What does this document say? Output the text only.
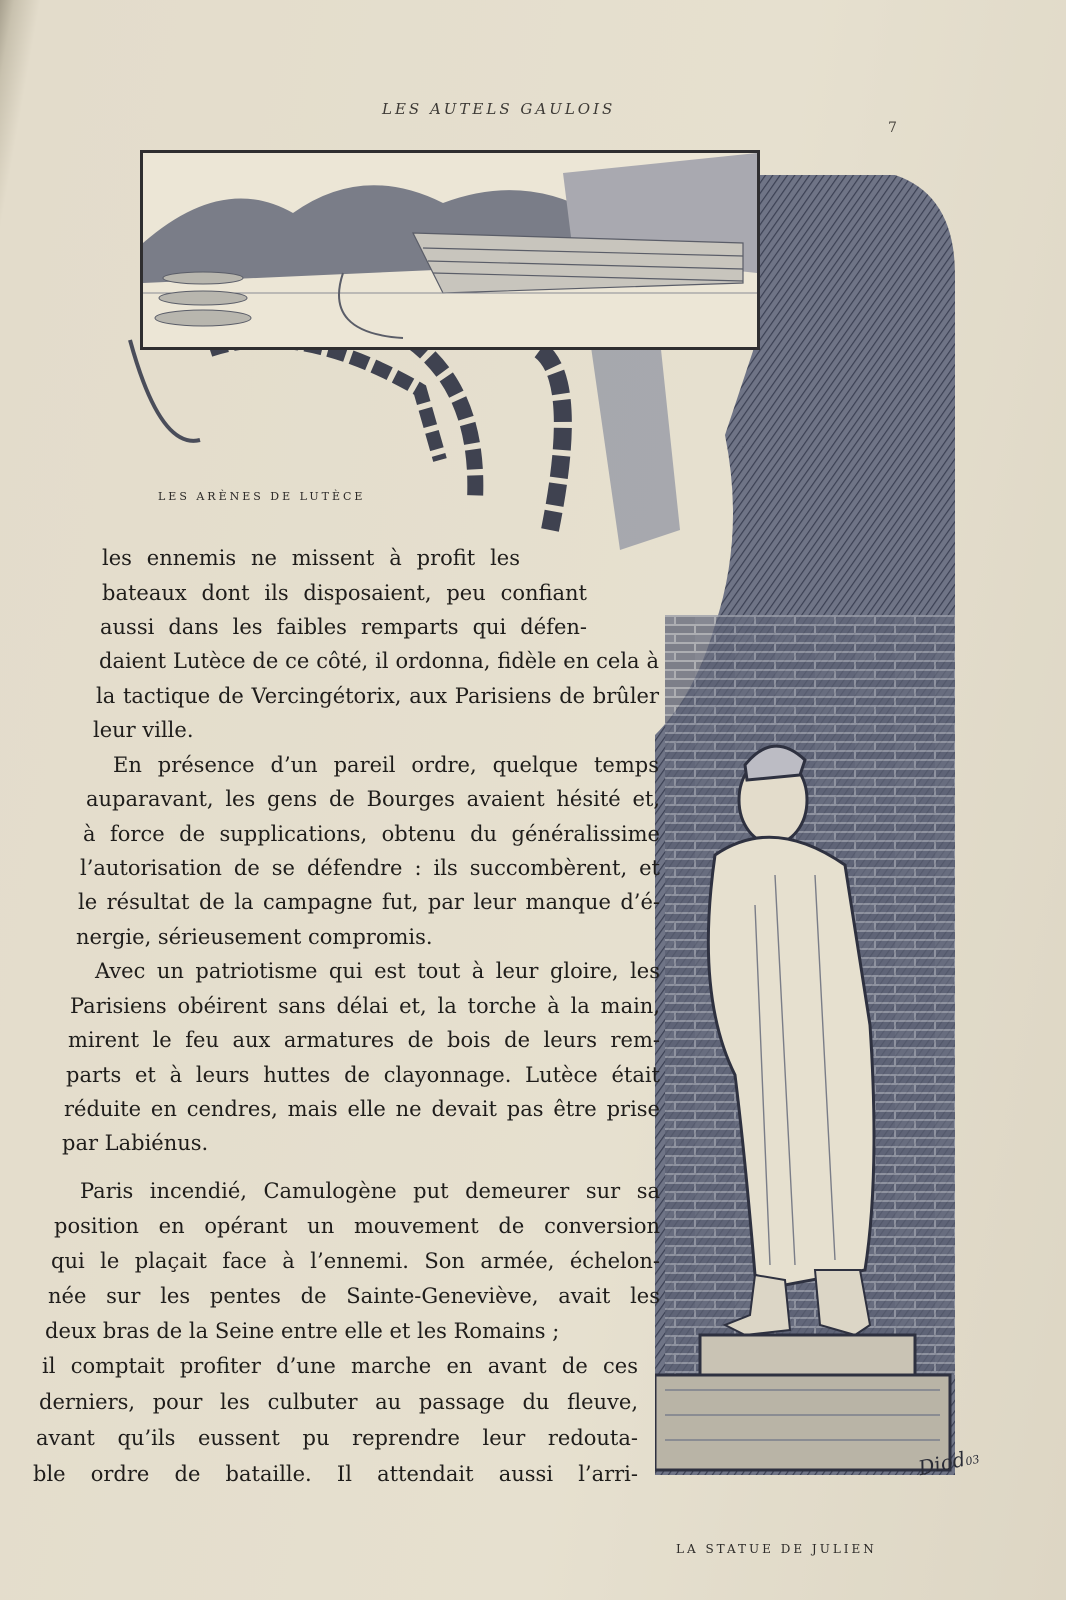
LES AUTELS GAULOIS
7
LES ARÈNES DE LUTÈCE
Diod03
LA STATUE DE JULIEN
les ennemis ne missent à profit les
bateaux dont ils disposaient, peu confiant
aussi dans les faibles remparts qui défen-
daient Lutèce de ce côté, il ordonna, fidèle en cela à
la tactique de Vercingétorix, aux Parisiens de brûler
leur ville.
En présence d’un pareil ordre, quelque temps
auparavant, les gens de Bourges avaient hésité et,
à force de supplications, obtenu du généralissime
l’autorisation de se défendre : ils succombèrent, et
le résultat de la campagne fut, par leur manque d’é-
nergie, sérieusement compromis.
Avec un patriotisme qui est tout à leur gloire, les
Parisiens obéirent sans délai et, la torche à la main,
mirent le feu aux armatures de bois de leurs rem-
parts et à leurs huttes de clayonnage. Lutèce était
réduite en cendres, mais elle ne devait pas être prise
par Labiénus.
Paris incendié, Camulogène put demeurer sur sa
position en opérant un mouvement de conversion
qui le plaçait face à l’ennemi. Son armée, échelon-
née sur les pentes de Sainte-Geneviève, avait les
deux bras de la Seine entre elle et les Romains ;
il comptait profiter d’une marche en avant de ces
derniers, pour les culbuter au passage du fleuve,
avant qu’ils eussent pu reprendre leur redouta-
ble ordre de bataille. Il attendait aussi l’arri-
